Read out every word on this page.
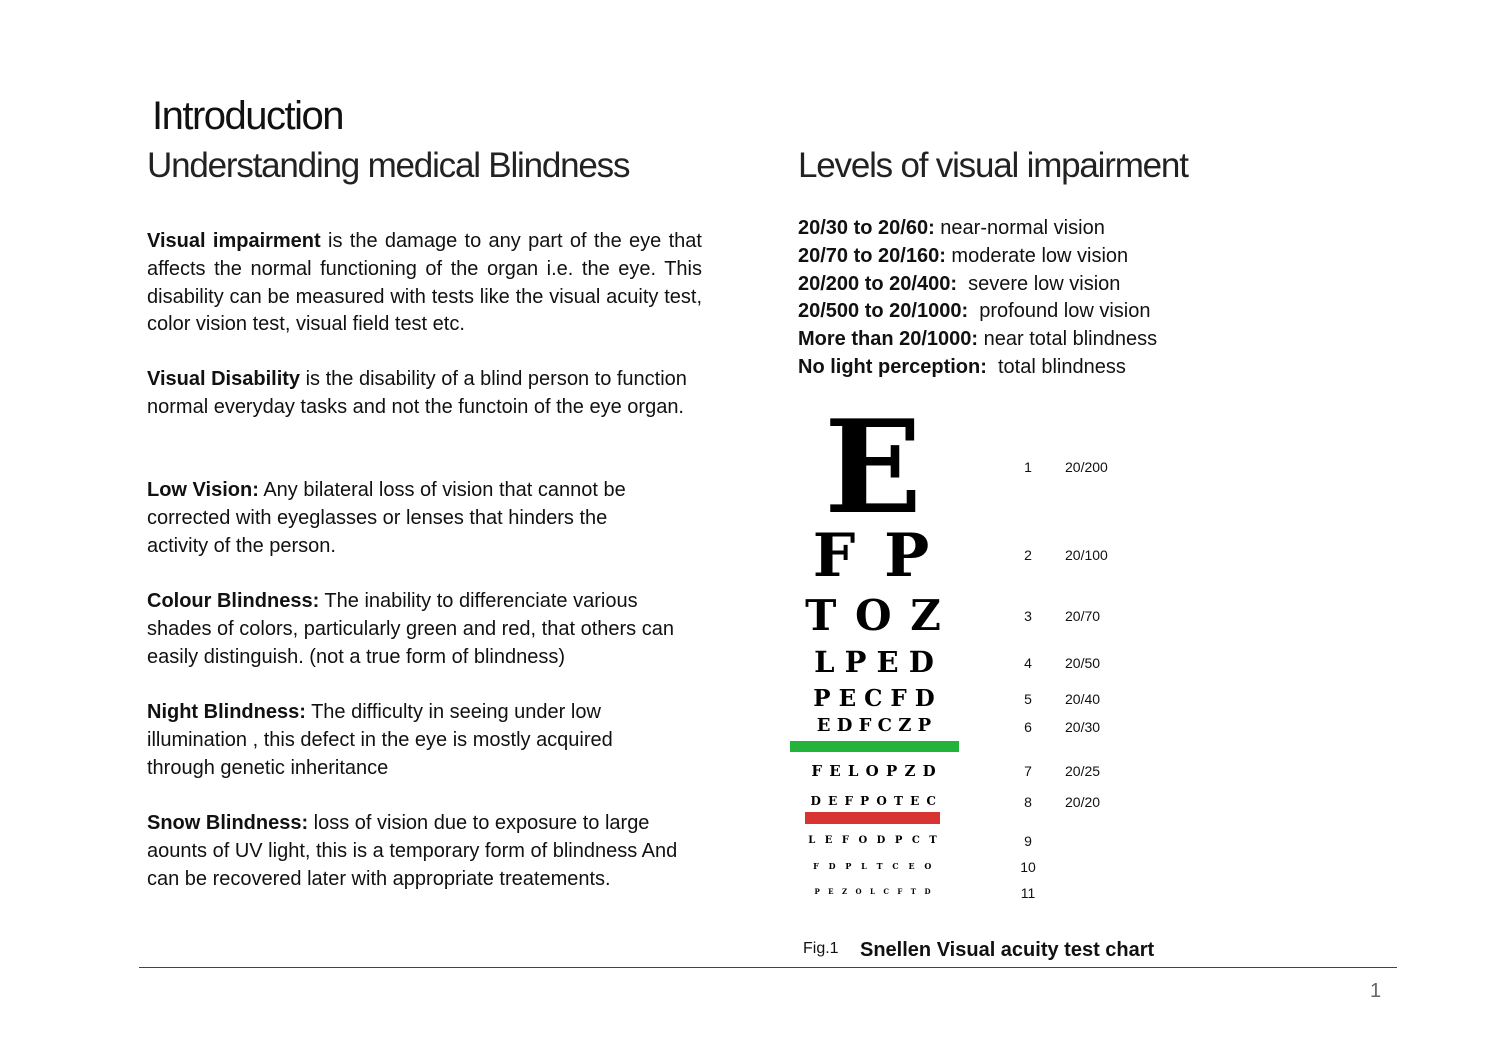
Introduction
Understanding medical Blindness	Levels of visual impairment
Visual impairment is the damage to any part of the eye that affects the normal functioning of the organ i.e. the eye. This disability can be measured with tests like the visual acuity test, color vision test, visual field test etc.
Visual Disability is the disability of a blind person to function normal everyday tasks and not the functoin of the eye organ.
Low Vision: Any bilateral loss of vision that cannot be corrected with eyeglasses or lenses that hinders the activity of the person.
Colour Blindness: The inability to differenciate various shades of colors, particularly green and red, that others can easily distinguish. (not a true form of blindness)
Night Blindness: The difficulty in seeing under low illumination , this defect in the eye is mostly acquired through genetic inheritance
Snow Blindness: loss of vision due to exposure to large aounts of UV light, this is a temporary form of blindness And can be recovered later with appropriate treatements.
20/30 to 20/60: near-normal vision
20/70 to 20/160: moderate low vision
20/200 to 20/400:  severe low vision
20/500 to 20/1000:  profound low vision
More than 20/1000: near total blindness
No light perception:  total blindness
E	1	20/200
F P	2	20/100
T O Z	3	20/70
L P E D	4	20/50
P E C F D	5	20/40
E D F C Z P	6	20/30
F E L O P Z D	7	20/25
D E F P O T E C	8	20/20
L E F O D P C T	9
F D P L T C E O	10
P E Z O L C F T D	11
Fig.1 Snellen Visual acuity test chart
1
